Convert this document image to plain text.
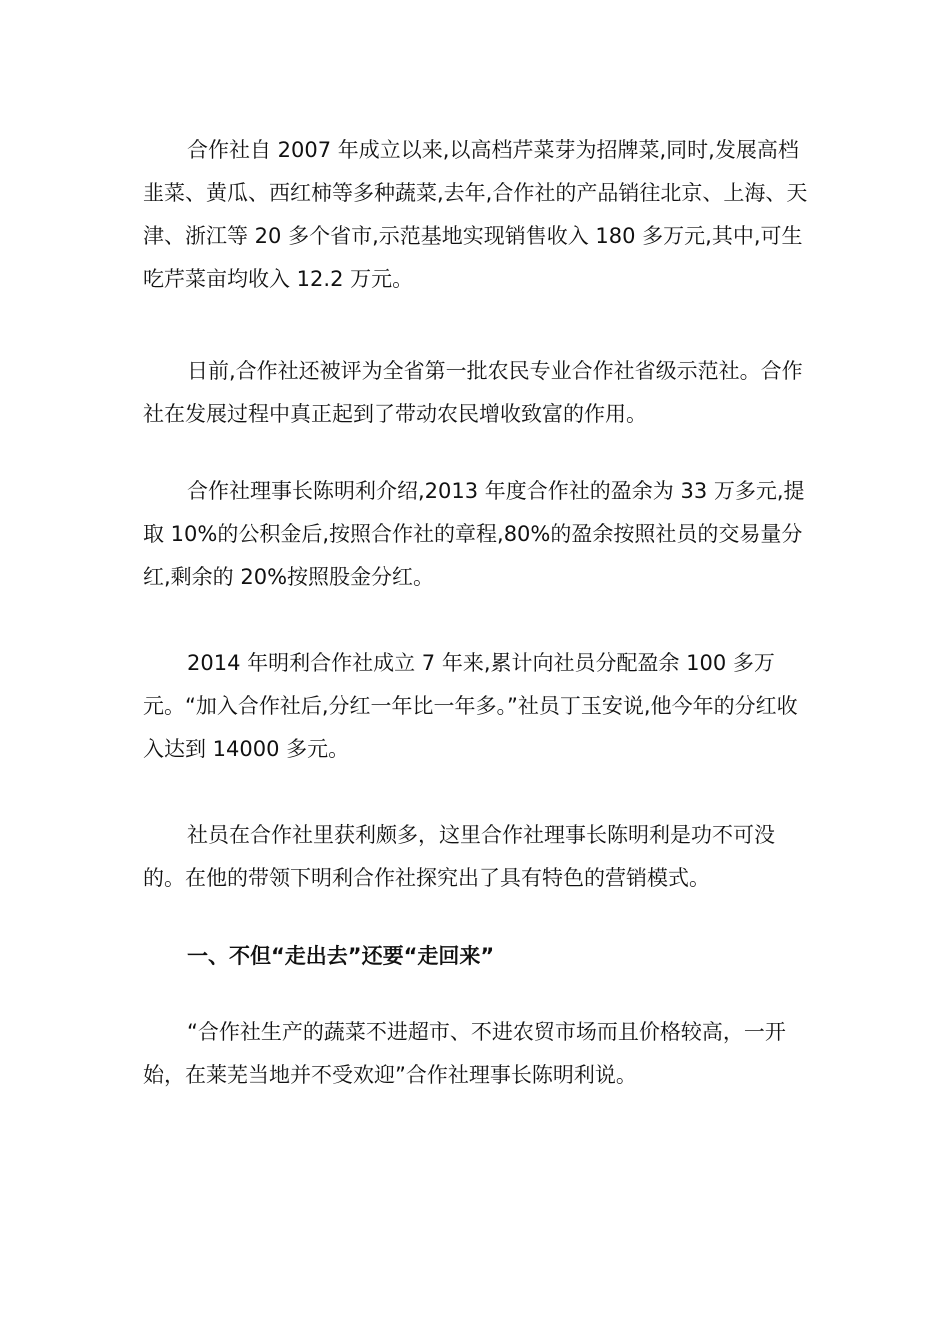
合作社自 2007 年成立以来,以高档芹菜芽为招牌菜,同时,发展高档韭菜、黄瓜、西红柿等多种蔬菜,去年,合作社的产品销往北京、上海、天津、浙江等 20 多个省市,示范基地实现销售收入 180 多万元,其中,可生吃芹菜亩均收入 12.2 万元。

日前,合作社还被评为全省第一批农民专业合作社省级示范社。合作社在发展过程中真正起到了带动农民增收致富的作用。

合作社理事长陈明利介绍,2013 年度合作社的盈余为 33 万多元,提取 10%的公积金后,按照合作社的章程,80%的盈余按照社员的交易量分红,剩余的 20%按照股金分红。

2014 年明利合作社成立 7 年来,累计向社员分配盈余 100 多万元。“加入合作社后,分红一年比一年多。”社员丁玉安说,他今年的分红收入达到 14000 多元。

社员在合作社里获利颇多，这里合作社理事长陈明利是功不可没的。在他的带领下明利合作社探究出了具有特色的营销模式。

一、不但“走出去”还要“走回来”

“合作社生产的蔬菜不进超市、不进农贸市场而且价格较高，一开始，在莱芜当地并不受欢迎”合作社理事长陈明利说。
